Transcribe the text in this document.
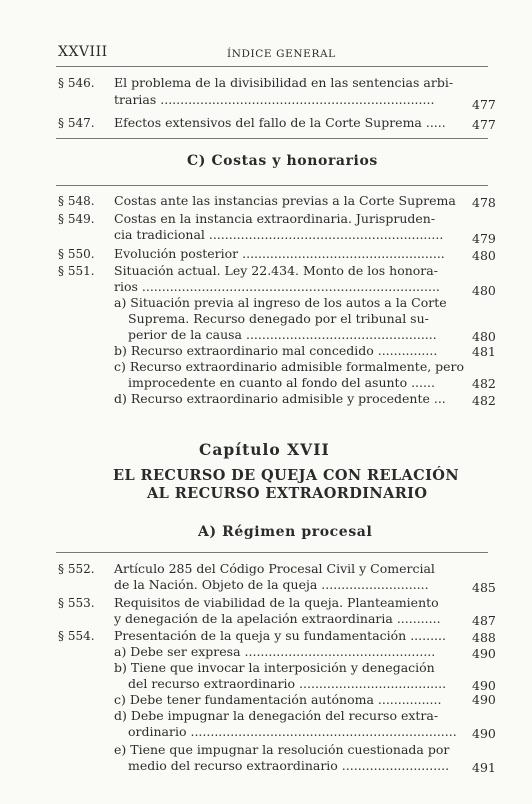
XXVIII	ÍNDICE GENERAL
§ 546. El problema de la divisibilidad en las sentencias arbi-
trarias .....................................................................	477
§ 547. Efectos extensivos del fallo de la Corte Suprema ..... 477
C) Costas y honorarios
§ 548. Costas ante las instancias previas a la Corte Suprema 478
§ 549. Costas en la instancia extraordinaria. Jurispruden-
cia tradicional ........................................................... 479
§ 550. Evolución posterior ................................................... 480
§ 551. Situación actual. Ley 22.434. Monto de los honora-
rios ...........................................................................	480
a) Situación previa al ingreso de los autos a la Corte
Suprema. Recurso denegado por el tribunal su-
perior de la causa ................................................	480
b) Recurso extraordinario mal concedido ...............	481
c) Recurso extraordinario admisible formalmente, pero
improcedente en cuanto al fondo del asunto ......	482
d) Recurso extraordinario admisible y procedente ... 482
Capítulo XVII
EL RECURSO DE QUEJA CON RELACIÓN
AL RECURSO EXTRAORDINARIO
A) Régimen procesal
§ 552. Artículo 285 del Código Procesal Civil y Comercial
de la Nación. Objeto de la queja ...........................	485
§ 553. Requisitos de viabilidad de la queja. Planteamiento
y denegación de la apelación extraordinaria ...........	487
§ 554. Presentación de la queja y su fundamentación ......... 488
a) Debe ser expresa ................................................	490
b) Tiene que invocar la interposición y denegación
del recurso extraordinario ..................................... 490
c) Debe tener fundamentación autónoma ................ 490
d) Debe impugnar la denegación del recurso extra-
ordinario ................................................................... 490
e) Tiene que impugnar la resolución cuestionada por
medio del recurso extraordinario ........................... 491
